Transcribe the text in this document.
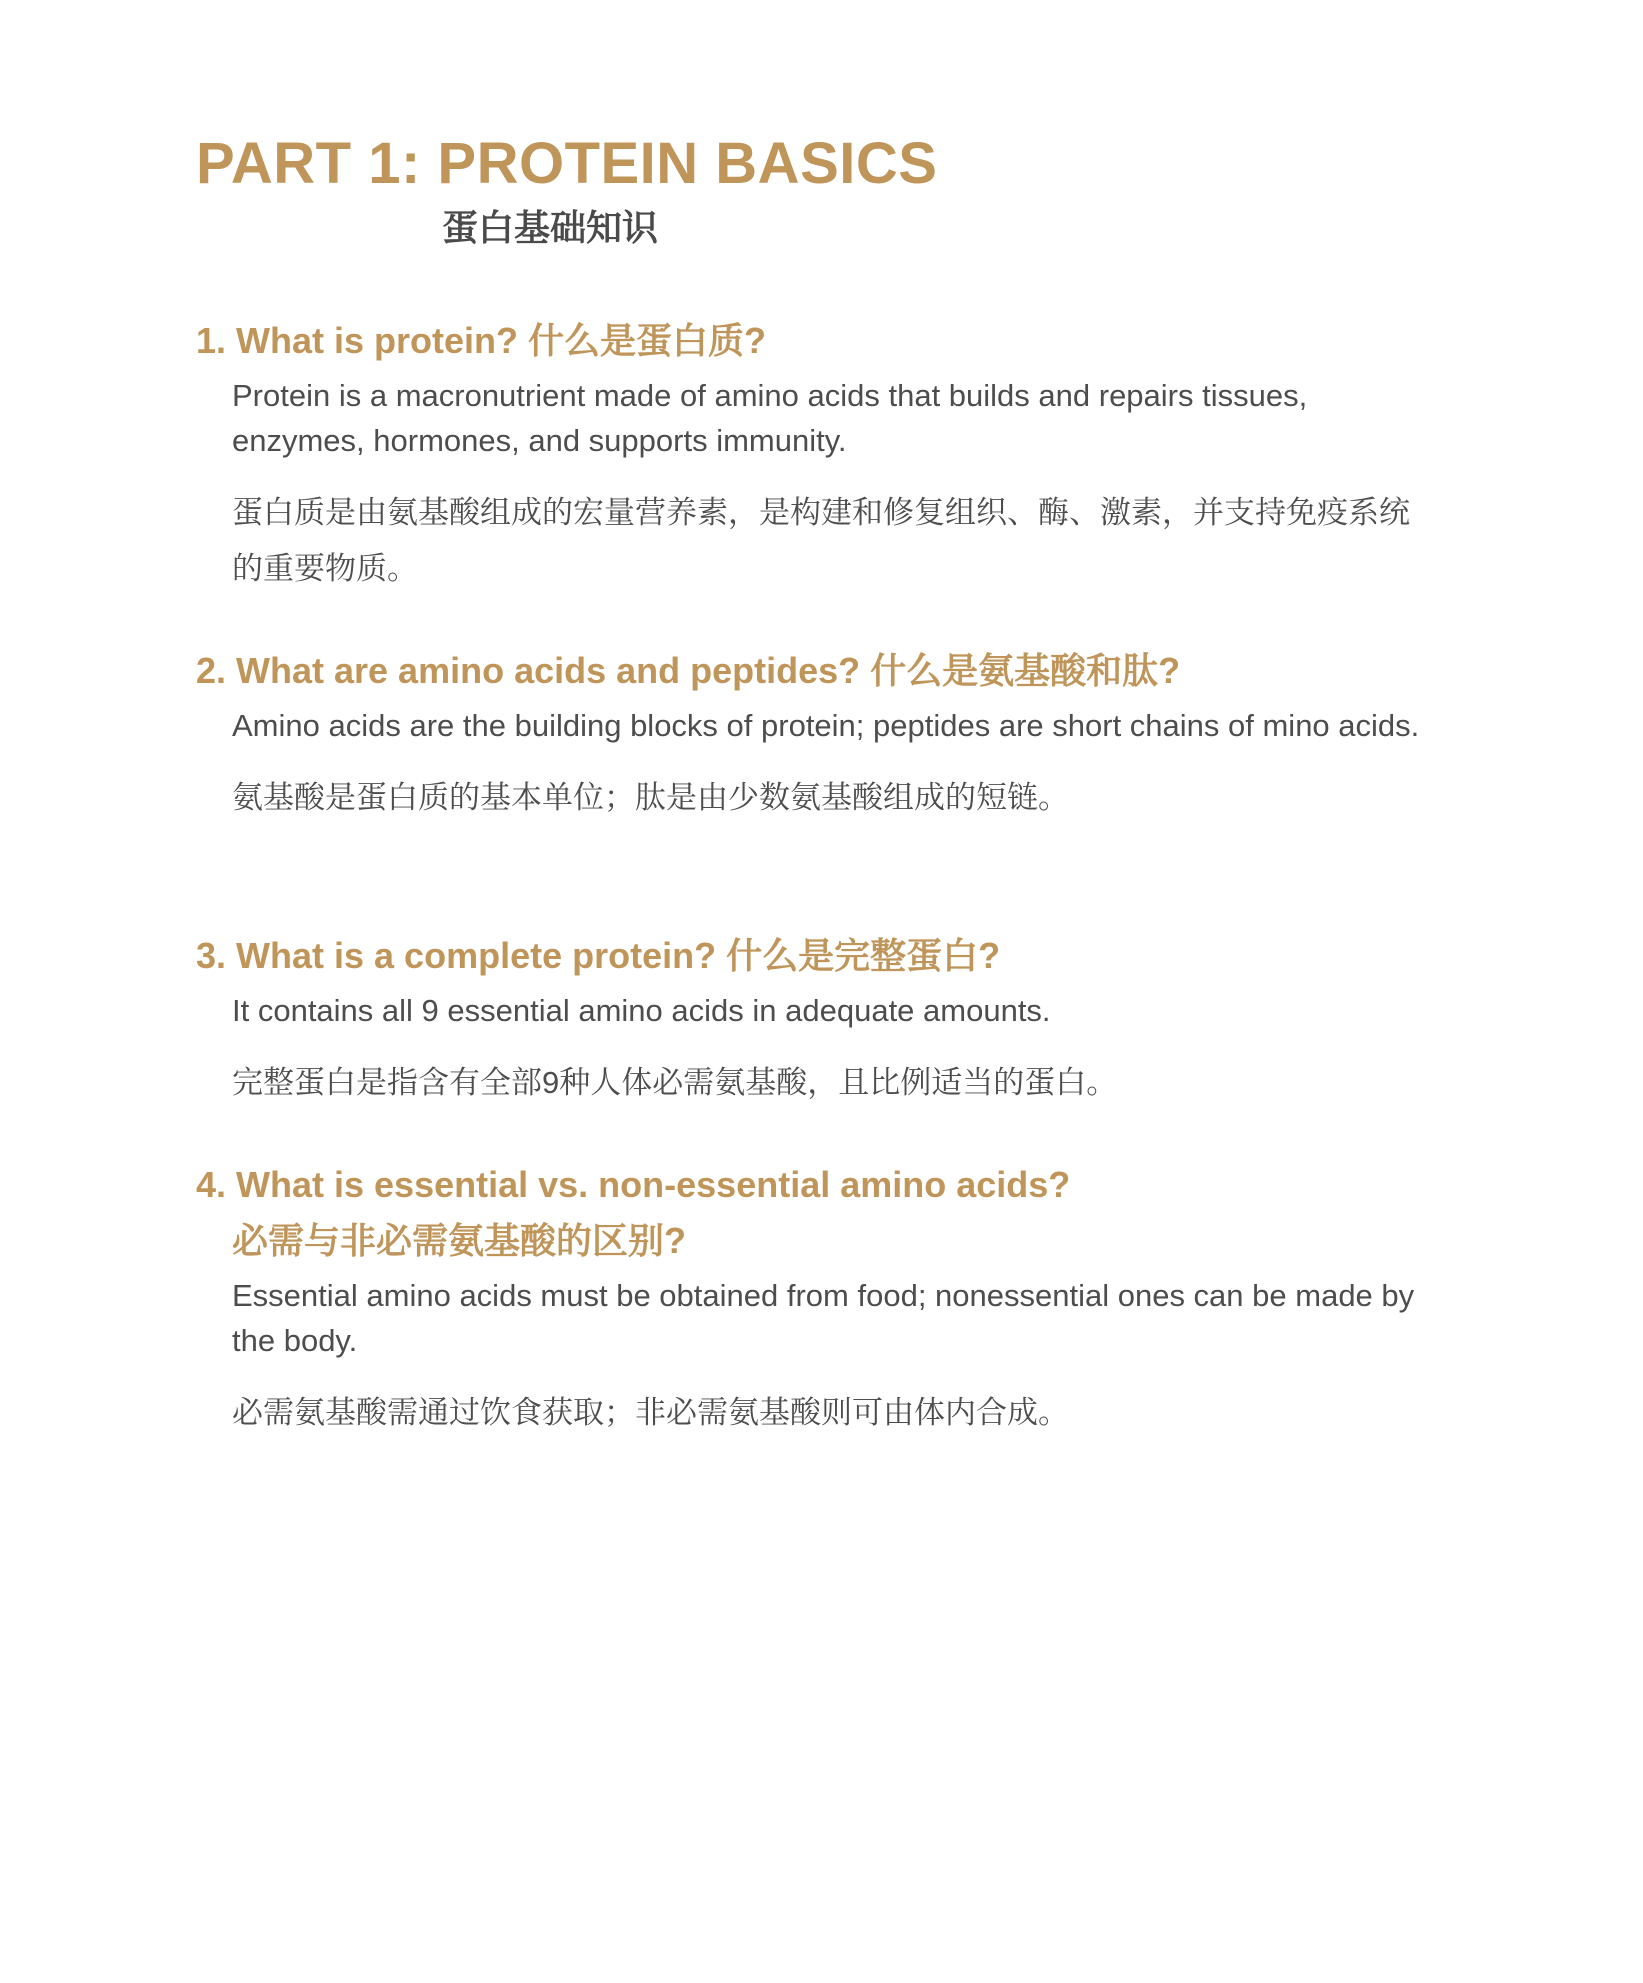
PART 1: PROTEIN BASICS
蛋白基础知识
1. What is protein? 什么是蛋白质?

Protein is a macronutrient made of amino acids that builds and repairs tissues, enzymes, hormones, and supports immunity.

蛋白质是由氨基酸组成的宏量营养素，是构建和修复组织、酶、激素，并支持免疫系统的重要物质。

2. What are amino acids and peptides? 什么是氨基酸和肽?

Amino acids are the building blocks of protein; peptides are short chains of mino acids.

氨基酸是蛋白质的基本单位；肽是由少数氨基酸组成的短链。

3. What is a complete protein? 什么是完整蛋白?

It contains all 9 essential amino acids in adequate amounts.

完整蛋白是指含有全部9种人体必需氨基酸，且比例适当的蛋白。

4. What is essential vs. non-essential amino acids?
必需与非必需氨基酸的区别?

Essential amino acids must be obtained from food; nonessential ones can be made by the body.

必需氨基酸需通过饮食获取；非必需氨基酸则可由体内合成。
